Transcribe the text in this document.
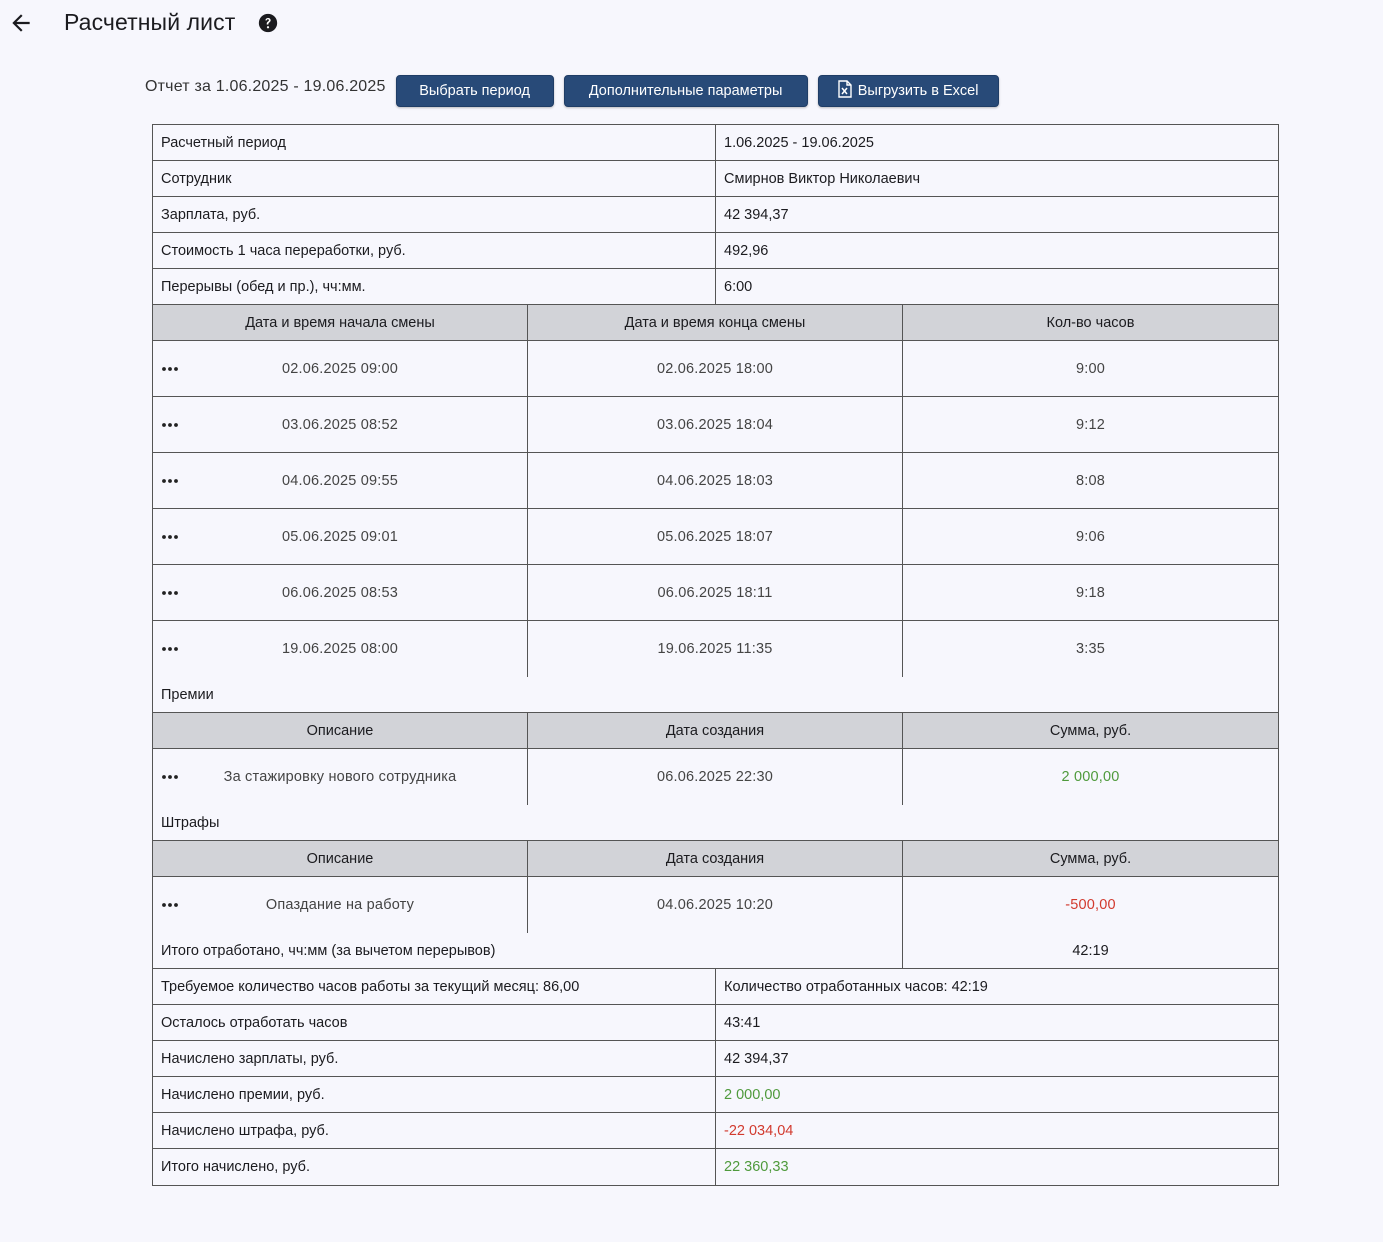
Расчетный лист
Отчет за 1.06.2025 - 19.06.2025	Выбрать период	Дополнительные параметры	Выгрузить в Excel
Расчетный период	1.06.2025 - 19.06.2025
Сотрудник	Смирнов Виктор Николаевич
Зарплата, руб.	42 394,37
Стоимость 1 часа переработки, руб.	492,96
Перерывы (обед и пр.), чч:мм.	6:00
Дата и время начала смены	Дата и время конца смены	Кол-во часов
02.06.2025 09:00	02.06.2025 18:00	9:00
03.06.2025 08:52	03.06.2025 18:04	9:12
04.06.2025 09:55	04.06.2025 18:03	8:08
05.06.2025 09:01	05.06.2025 18:07	9:06
06.06.2025 08:53	06.06.2025 18:11	9:18
19.06.2025 08:00	19.06.2025 11:35	3:35
Премии
Описание	Дата создания	Сумма, руб.
За стажировку нового сотрудника	06.06.2025 22:30	2 000,00
Штрафы
Описание	Дата создания	Сумма, руб.
Опаздание на работу	04.06.2025 10:20	-500,00
Итого отработано, чч:мм (за вычетом перерывов)	42:19
Требуемое количество часов работы за текущий месяц: 86,00	Количество отработанных часов: 42:19
Осталось отработать часов	43:41
Начислено зарплаты, руб.	42 394,37
Начислено премии, руб.	2 000,00
Начислено штрафа, руб.	-22 034,04
Итого начислено, руб.	22 360,33
